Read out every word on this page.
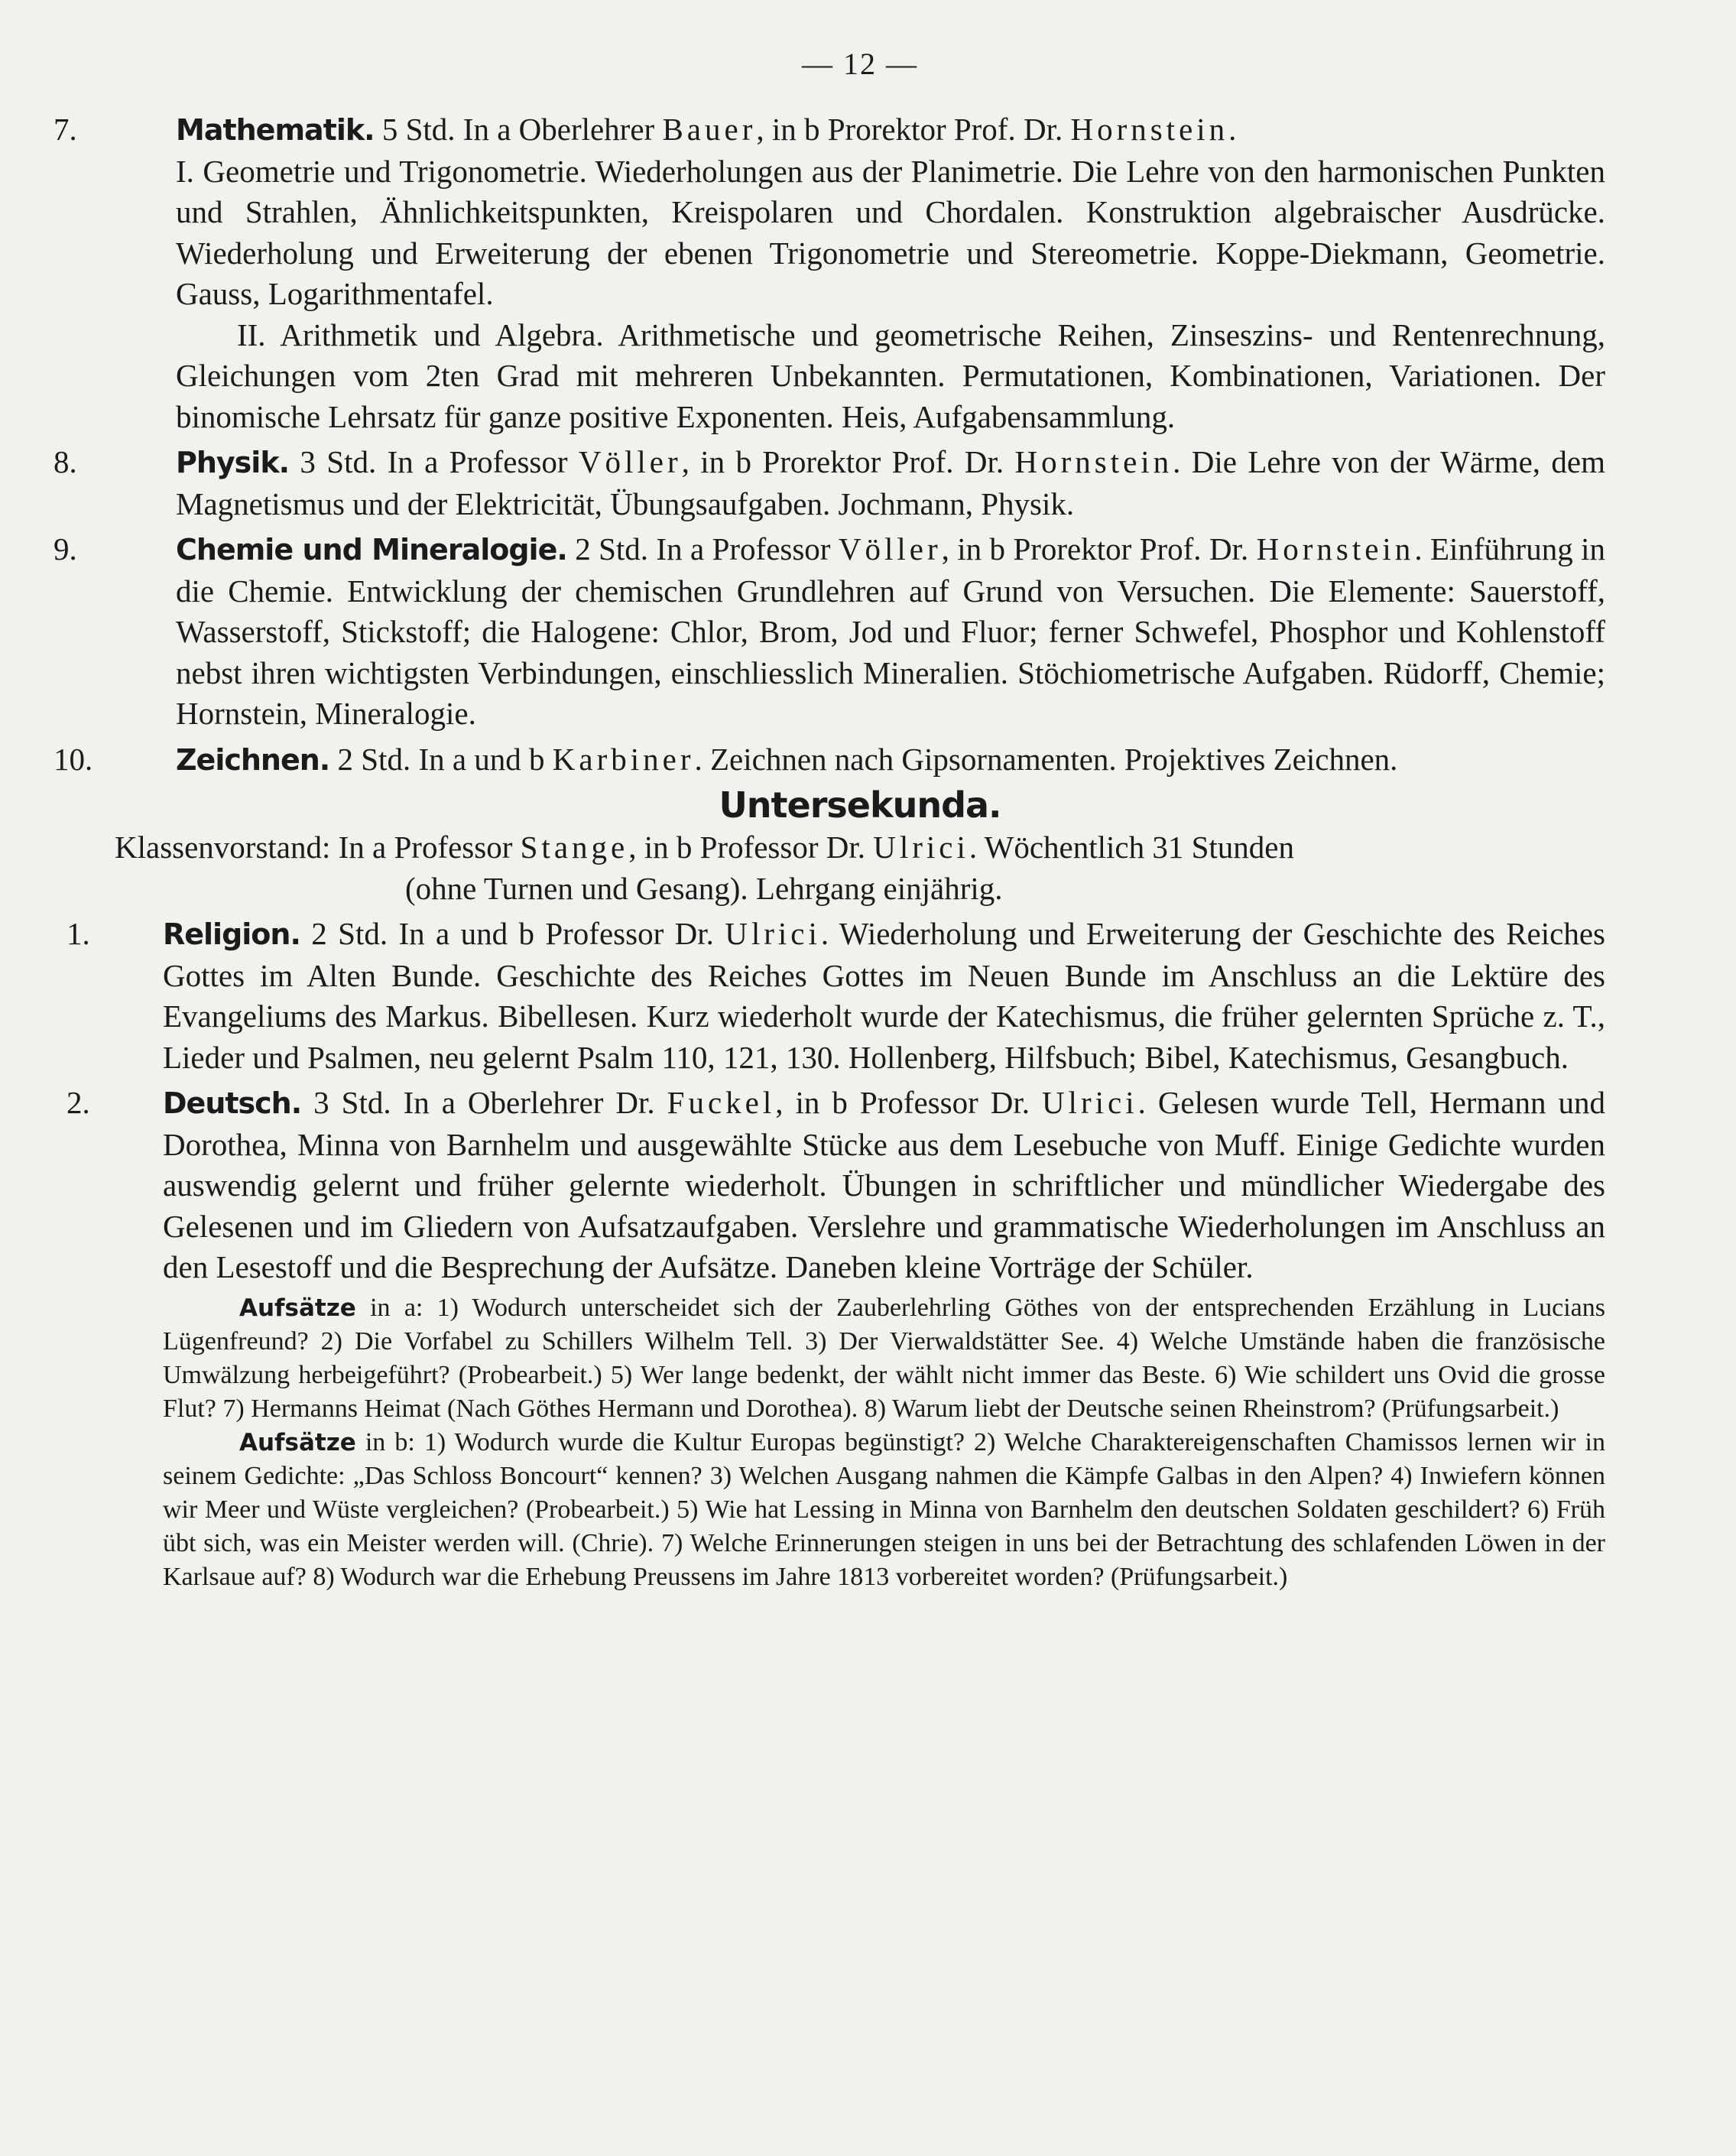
— 12 —
7.	Mathematik. 5 Std. In a Oberlehrer Bauer, in b Prorektor Prof. Dr. Hornstein.
I. Geometrie und Trigonometrie. Wiederholungen aus der Planimetrie. Die Lehre von den harmonischen Punkten und Strahlen, Ähnlichkeitspunkten, Kreispolaren und Chordalen. Konstruktion algebraischer Ausdrücke. Wiederholung und Erweiterung der ebenen Trigonometrie und Stereometrie. Koppe-Diekmann, Geometrie. Gauss, Logarithmentafel.
II. Arithmetik und Algebra. Arithmetische und geometrische Reihen, Zinseszins- und Rentenrechnung, Gleichungen vom 2ten Grad mit mehreren Unbekannten. Permutationen, Kombinationen, Variationen. Der binomische Lehrsatz für ganze positive Exponenten. Heis, Aufgabensammlung.
8.	Physik. 3 Std. In a Professor Völler, in b Prorektor Prof. Dr. Hornstein. Die Lehre von der Wärme, dem Magnetismus und der Elektricität, Übungsaufgaben. Jochmann, Physik.
9.	Chemie und Mineralogie. 2 Std. In a Professor Völler, in b Prorektor Prof. Dr. Hornstein. Einführung in die Chemie. Entwicklung der chemischen Grundlehren auf Grund von Versuchen. Die Elemente: Sauerstoff, Wasserstoff, Stickstoff; die Halogene: Chlor, Brom, Jod und Fluor; ferner Schwefel, Phosphor und Kohlenstoff nebst ihren wichtigsten Verbindungen, einschliesslich Mineralien. Stöchiometrische Aufgaben. Rüdorff, Chemie; Hornstein, Mineralogie.
10.	Zeichnen. 2 Std. In a und b Karbiner. Zeichnen nach Gipsornamenten. Projektives Zeichnen.
Untersekunda.
Klassenvorstand: In a Professor Stange, in b Professor Dr. Ulrici. Wöchentlich 31 Stunden
(ohne Turnen und Gesang). Lehrgang einjährig.
1.	Religion. 2 Std. In a und b Professor Dr. Ulrici. Wiederholung und Erweiterung der Geschichte des Reiches Gottes im Alten Bunde. Geschichte des Reiches Gottes im Neuen Bunde im Anschluss an die Lektüre des Evangeliums des Markus. Bibellesen. Kurz wiederholt wurde der Katechismus, die früher gelernten Sprüche z. T., Lieder und Psalmen, neu gelernt Psalm 110, 121, 130. Hollenberg, Hilfsbuch; Bibel, Katechismus, Gesangbuch.
2.	Deutsch. 3 Std. In a Oberlehrer Dr. Fuckel, in b Professor Dr. Ulrici. Gelesen wurde Tell, Hermann und Dorothea, Minna von Barnhelm und ausgewählte Stücke aus dem Lesebuche von Muff. Einige Gedichte wurden auswendig gelernt und früher gelernte wiederholt. Übungen in schriftlicher und mündlicher Wiedergabe des Gelesenen und im Gliedern von Aufsatzaufgaben. Verslehre und grammatische Wiederholungen im Anschluss an den Lesestoff und die Besprechung der Aufsätze. Daneben kleine Vorträge der Schüler.

Aufsätze in a: 1) Wodurch unterscheidet sich der Zauberlehrling Göthes von der entsprechenden Erzählung in Lucians Lügenfreund? 2) Die Vorfabel zu Schillers Wilhelm Tell. 3) Der Vierwaldstätter See. 4) Welche Umstände haben die französische Umwälzung herbeigeführt? (Probearbeit.) 5) Wer lange bedenkt, der wählt nicht immer das Beste. 6) Wie schildert uns Ovid die grosse Flut? 7) Hermanns Heimat (Nach Göthes Hermann und Dorothea). 8) Warum liebt der Deutsche seinen Rheinstrom? (Prüfungsarbeit.)

Aufsätze in b: 1) Wodurch wurde die Kultur Europas begünstigt? 2) Welche Charaktereigenschaften Chamissos lernen wir in seinem Gedichte: „Das Schloss Boncourt“ kennen? 3) Welchen Ausgang nahmen die Kämpfe Galbas in den Alpen? 4) Inwiefern können wir Meer und Wüste vergleichen? (Probearbeit.) 5) Wie hat Lessing in Minna von Barnhelm den deutschen Soldaten geschildert? 6) Früh übt sich, was ein Meister werden will. (Chrie). 7) Welche Erinnerungen steigen in uns bei der Betrachtung des schlafenden Löwen in der Karlsaue auf? 8) Wodurch war die Erhebung Preussens im Jahre 1813 vorbereitet worden? (Prüfungsarbeit.)
